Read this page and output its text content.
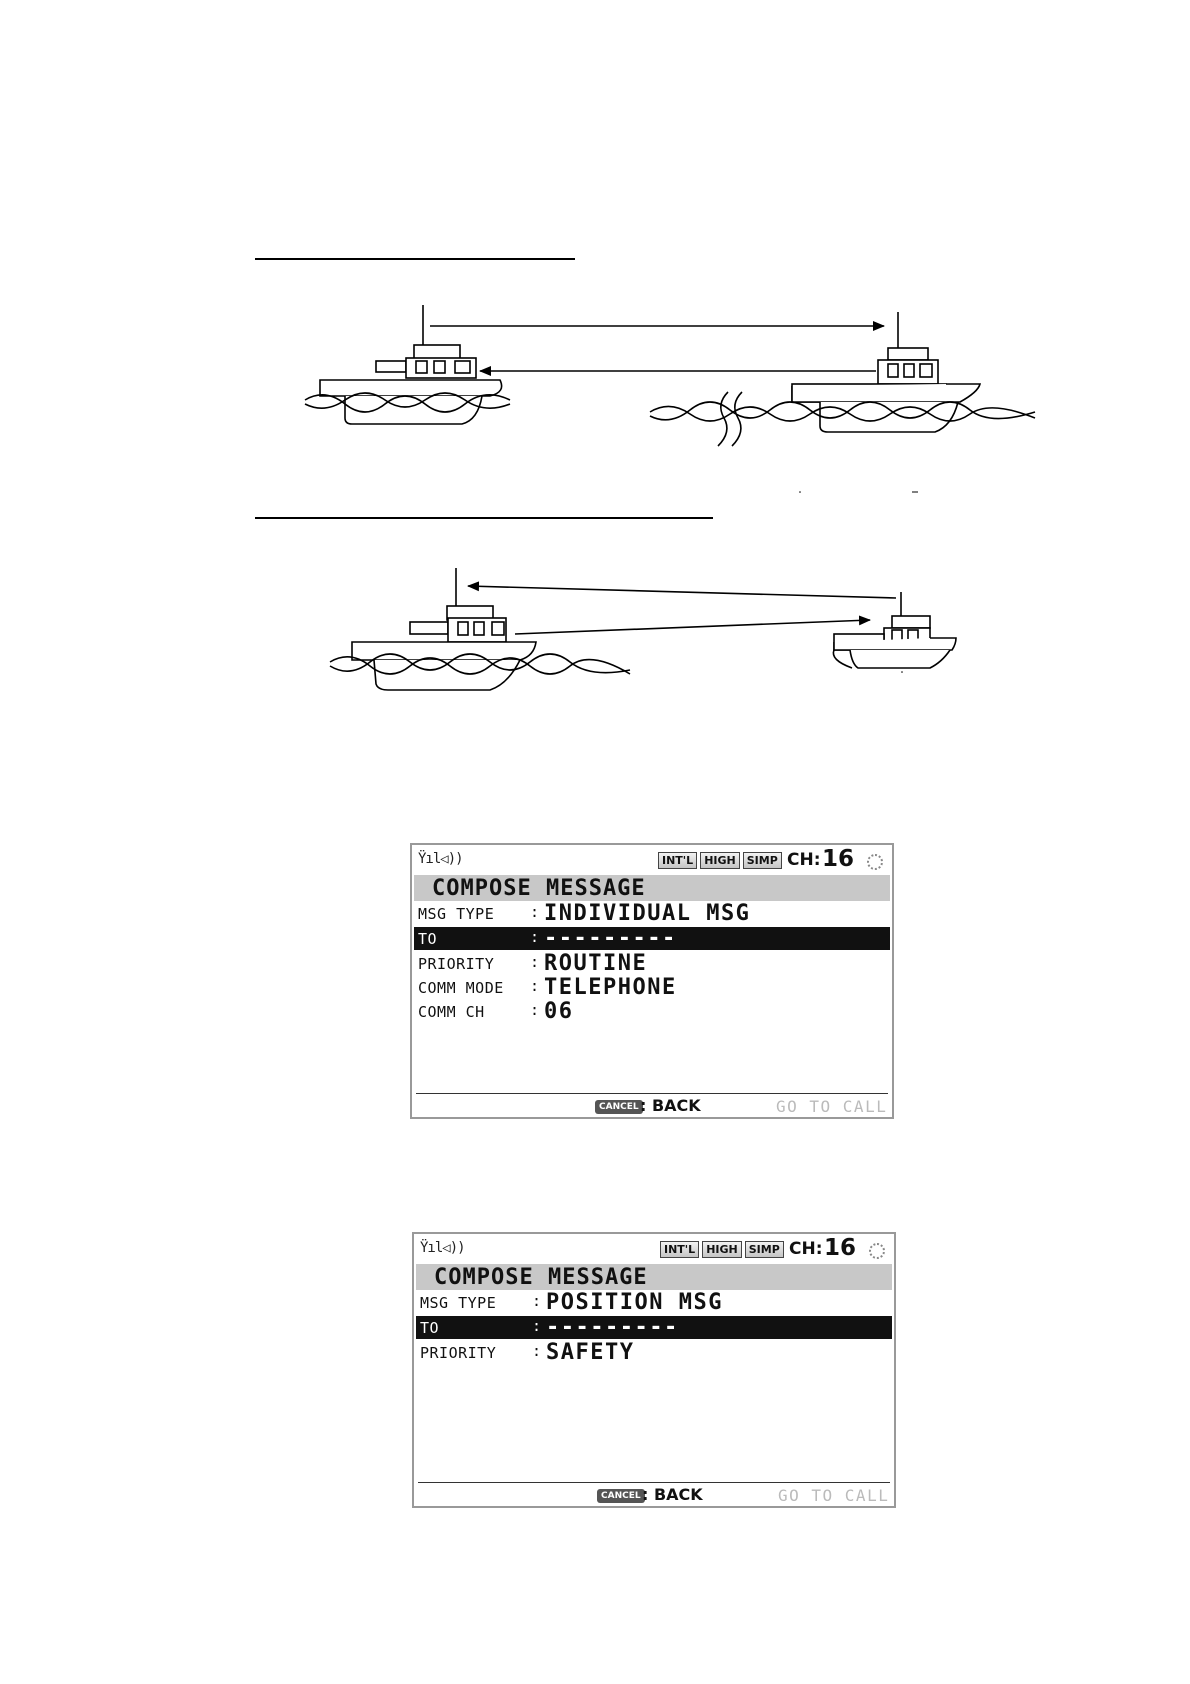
Ÿıl◁))	INT'L	HIGH	SIMP CH: 16
COMPOSE MESSAGE
MSG TYPE : INDIVIDUAL MSG
TO	: ---------
PRIORITY : ROUTINE
COMM MODE : TELEPHONE
COMM CH	: 06
CANCEL : BACK	GO TO CALL
Ÿıl◁))	INT'L	HIGH	SIMP CH: 16
COMPOSE MESSAGE
MSG TYPE : POSITION MSG
TO	: ---------
PRIORITY : SAFETY
CANCEL : BACK	GO TO CALL
